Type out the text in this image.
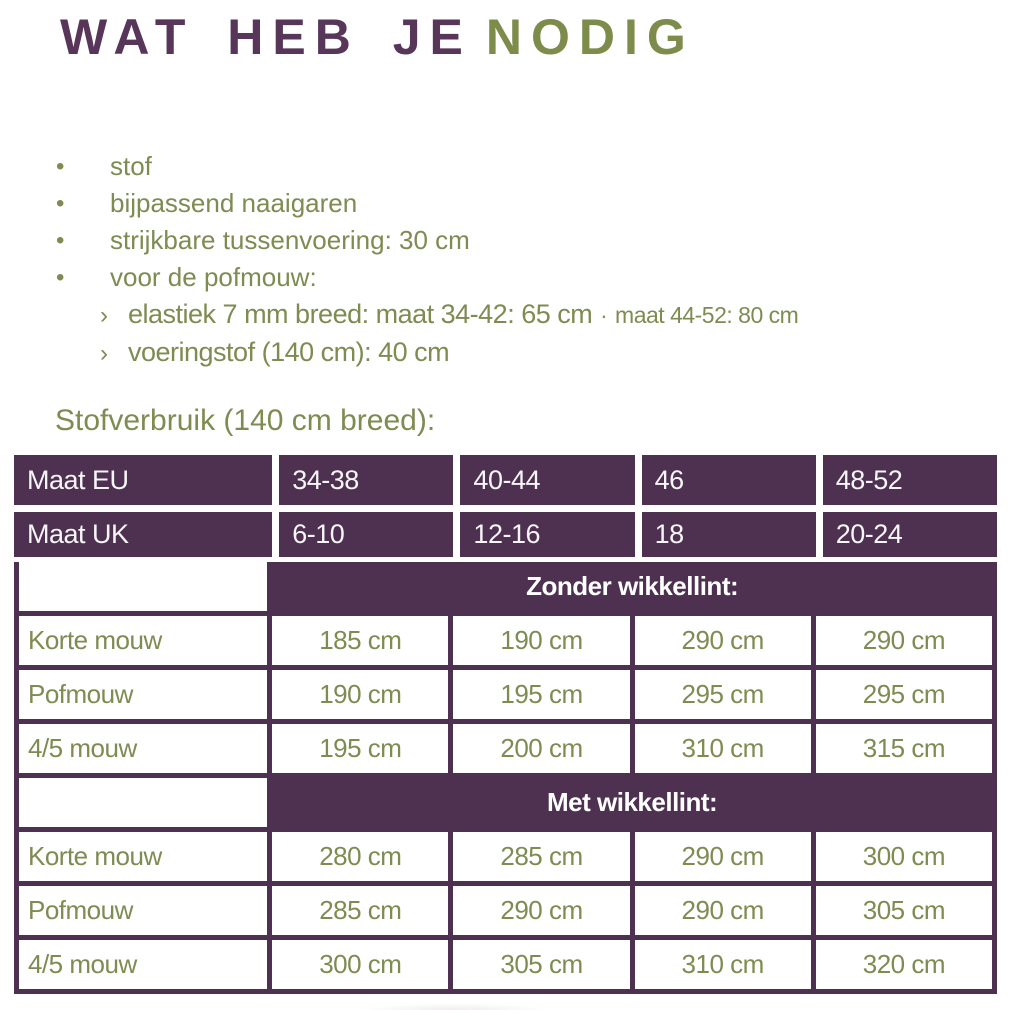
WAT HEB JE NODIG
• stof
• bijpassend naaigaren
• strijkbare tussenvoering: 30 cm
• voor de pofmouw:
› elastiek 7 mm breed: maat 34-42: 65 cm · maat 44-52: 80 cm
› voeringstof (140 cm): 40 cm
Stofverbruik (140 cm breed):
Maat EU	34-38	40-44	46	48-52
Maat UK	6-10	12-16	18	20-24
	Zonder wikkellint:			
Korte mouw	185 cm	190 cm	290 cm	290 cm
Pofmouw	190 cm	195 cm	295 cm	295 cm
4/5 mouw	195 cm	200 cm	310 cm	315 cm
	Met wikkellint:			
Korte mouw	280 cm	285 cm	290 cm	300 cm
Pofmouw	285 cm	290 cm	290 cm	305 cm
4/5 mouw	300 cm	305 cm	310 cm	320 cm
